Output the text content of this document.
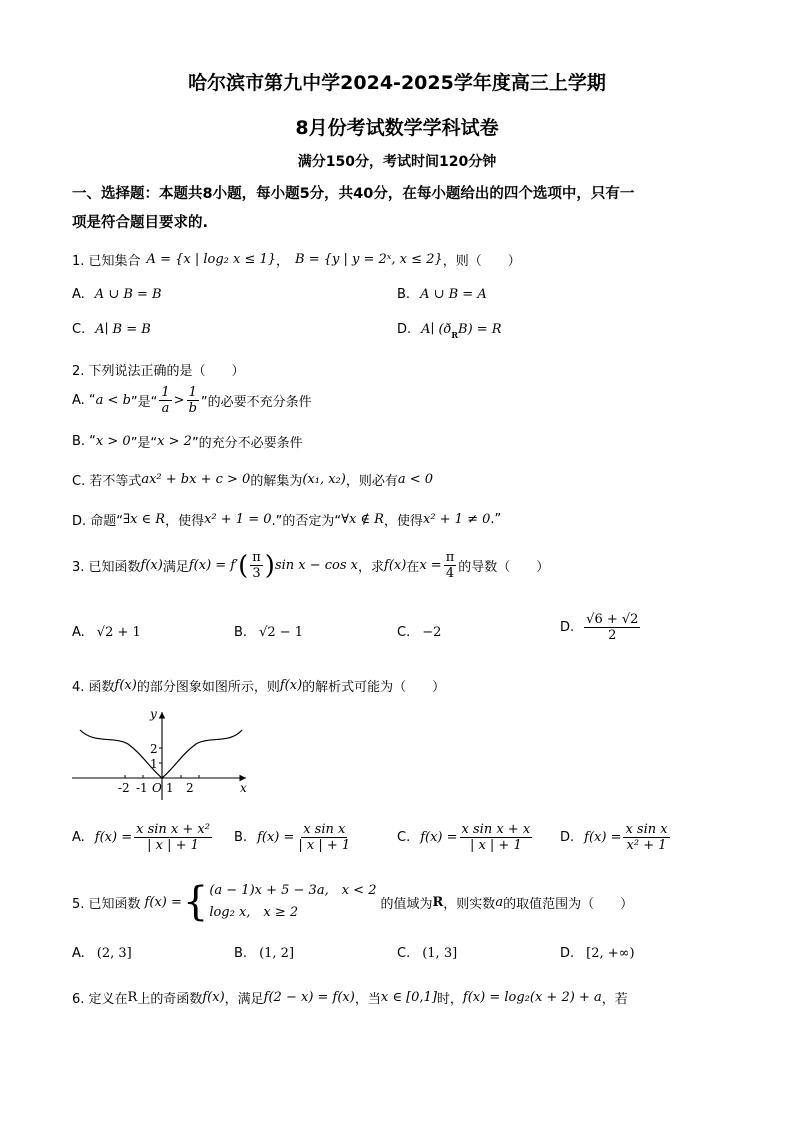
哈尔滨市第九中学2024-2025学年度高三上学期
8月份考试数学学科试卷
满分150分，考试时间120分钟
一、选择题：本题共8小题，每小题5分，共40分，在每小题给出的四个选项中，只有一
项是符合题目要求的.
1. 已知集合 A = {x | log₂ x ≤ 1} ， B = {y | y = 2ˣ, x ≤ 2} ，则（　　）
A. A ∪ B = B	B. A ∪ B = A
C. A∣ B = B	D. A∣ (ð R B) = R
2. 下列说法正确的是（　　）
A. “ a < b ”是“ $\frac{1}{a} > \frac{1}{b}$ ”的必要不充分条件
B. “ x > 0 ”是“ x > 2 ”的充分不必要条件
C. 若不等式 ax² + bx + c > 0 的解集为 (x₁, x₂) ，则必有 a < 0
D. 命题“ ∃x ∈ R ，使得 x² + 1 = 0 .”的否定为“ ∀x ∉ R ，使得 x² + 1 ≠ 0 .”
3. 已知函数 f(x) 满足 f(x) = f′ ( $\frac{\pi}{3}$ ) sin x − cos x ，求 f(x) 在 $x = \frac{\pi}{4}$ 的导数（　　）
A. √2 + 1	B. √2 − 1	C. −2	D. $\frac{√6 + √2}{2}$
4. 函数 f(x) 的部分图象如图所示，则 f(x) 的解析式可能为（　　）
y
x
2
1
-2 -1 O 1 2
A. $f(x) = \frac{\text{x sin x + x²}}{| x | + 1} B$. $f(x) = \frac{\text{x sin x}}{| x | + 1}$	C. $f(x) = \frac{\text{x sin x + x}}{| x | + 1} D$. $f(x) = \frac{\text{x sin x}}{\text{x² + 1}}$
5. 已知函数 f(x) = { (a − 1)x + 5 − 3a,　x < 2
log₂ x,　x ≥ 2
的值域为 R ，则实数 a 的取值范围为（　　）
A. (2, 3]	B. (1, 2]	C. (1, 3]	D. [2, +∞)
6. 定义在 R 上的奇函数 f(x) ，满足 f(2 − x) = f(x) ，当 x ∈ [0,1] 时， f(x) = log₂(x + 2) + a ，若
